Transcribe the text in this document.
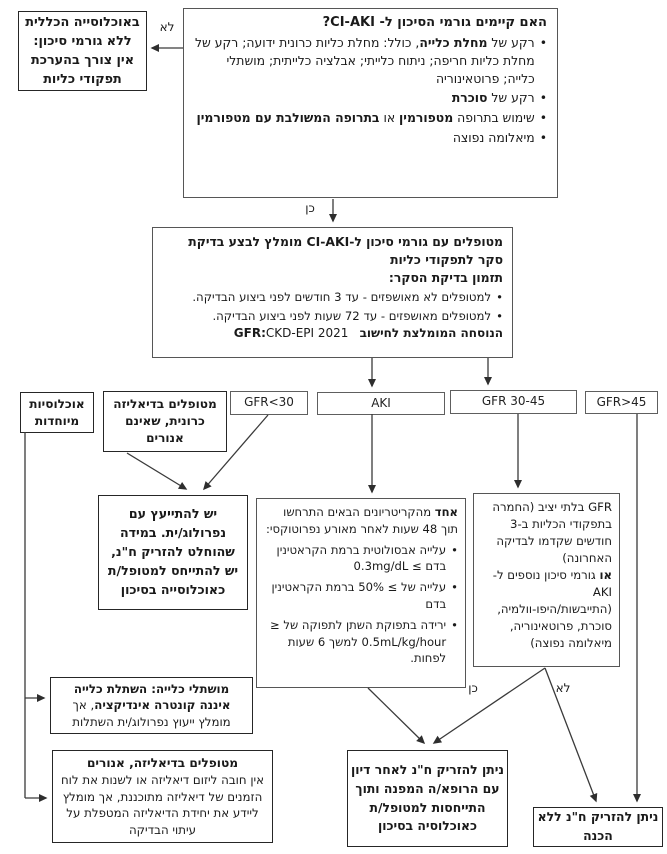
לא
כן
כן	לא
באוכלוסייה הכללית ללא גורמי סיכון: אין צורך בהערכת תפקודי כליות
האם קיימים גורמי הסיכון ל- CI-AKI?
•
רקע של מחלת כלייה, כולל: מחלת כליות כרונית ידועה; רקע של מחלת כליות חריפה; ניתוח כלייתי; אבלציה כלייתית; מושתלי כלייה; פרוטאינוריה
•
רקע של סוכרת
•
שימוש בתרופה מטפורמין או בתרופה המשולבת עם מטפורמין
•
מיאלומה נפוצה
מטופלים עם גורמי סיכון ל-CI-AKI מומלץ לבצע בדיקת סקר לתפקודי כליות
תזמון בדיקת הסקר:
•
למטופלים לא מאושפזים - עד 3 חודשים לפני ביצוע הבדיקה.
•
למטופלים מאושפזים - עד 72 שעות לפני ביצוע הבדיקה.
הנוסחה המומלצת לחישוב GFR:CKD-EPI 2021
אוכלוסיות מיוחדות
מטופלים בדיאליזה כרונית, שאינם אנורים
GFR<30	AKI	GFR 30-45	GFR>45
יש להתייעץ עם נפרולוג/ית. במידה שהוחלט להזריק ח"נ, יש להתייחס למטופל/ת כאוכלוסייה בסיכון
אחד מהקריטריונים הבאים התרחשו תוך 48 שעות לאחר מאורע נפרוטוקסי:
•
עלייה אבסולוטית ברמת הקראטינין בדם ≥ 0.3mg/dL
•
עלייה של ≥ 50% ברמת הקראטינין בדם
•
ירידה בתפוקת השתן לתפוקה של ≤ 0.5mL/kg/hour למשך 6 שעות לפחות.
GFR בלתי יציב (החמרה בתפקודי הכליות ב-3 חודשים שקדמו לבדיקה האחרונה)
או גורמי סיכון נוספים ל-AKI (התייבשות/היפו-וולמיה, סוכרת, פרוטאינוריה, מיאלומה נפוצה)
מושתלי כלייה: השתלת כלייה איננה קונטרה אינדיקציה, אך מומלץ ייעוץ נפרולוג/ית השתלות
מטופלים בדיאליזה, אנורים
אין חובה ליזום דיאליזה או לשנות את לוח הזמנים של דיאליזה מתוכננת, אך מומלץ ליידע את יחידת הדיאליזה המטפלת על עיתוי הבדיקה
ניתן להזריק ח"נ לאחר דיון עם הרופא/ה המפנה ותוך התייחסות למטופל/ת כאוכלוסיה בסיכון
ניתן להזריק ח"נ ללא הכנה
